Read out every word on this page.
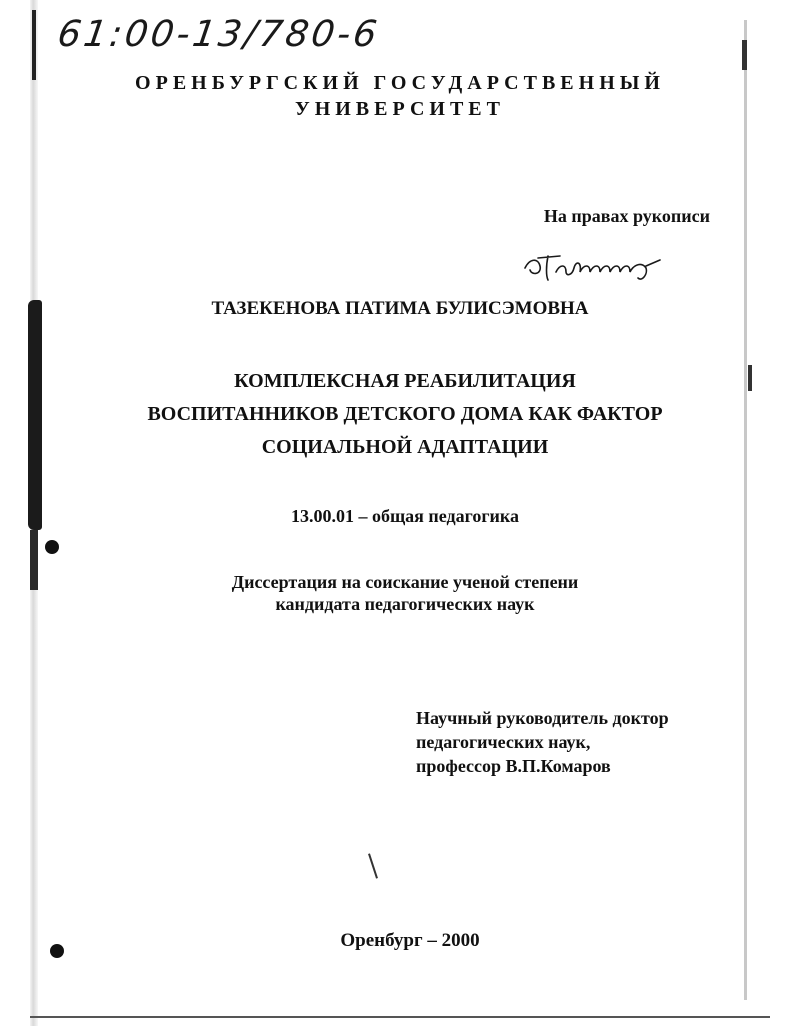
61:00-13/780-6
ОРЕНБУРГСКИЙ ГОСУДАРСТВЕННЫЙ
УНИВЕРСИТЕТ
На правах рукописи
ТАЗЕКЕНОВА ПАТИМА БУЛИСЭМОВНА
КОМПЛЕКСНАЯ РЕАБИЛИТАЦИЯ
ВОСПИТАННИКОВ ДЕТСКОГО ДОМА КАК ФАКТОР
СОЦИАЛЬНОЙ АДАПТАЦИИ
13.00.01 – общая педагогика
Диссертация на соискание ученой степени
кандидата педагогических наук
Научный руководитель доктор
педагогических наук,
профессор В.П.Комаров
Оренбург – 2000
